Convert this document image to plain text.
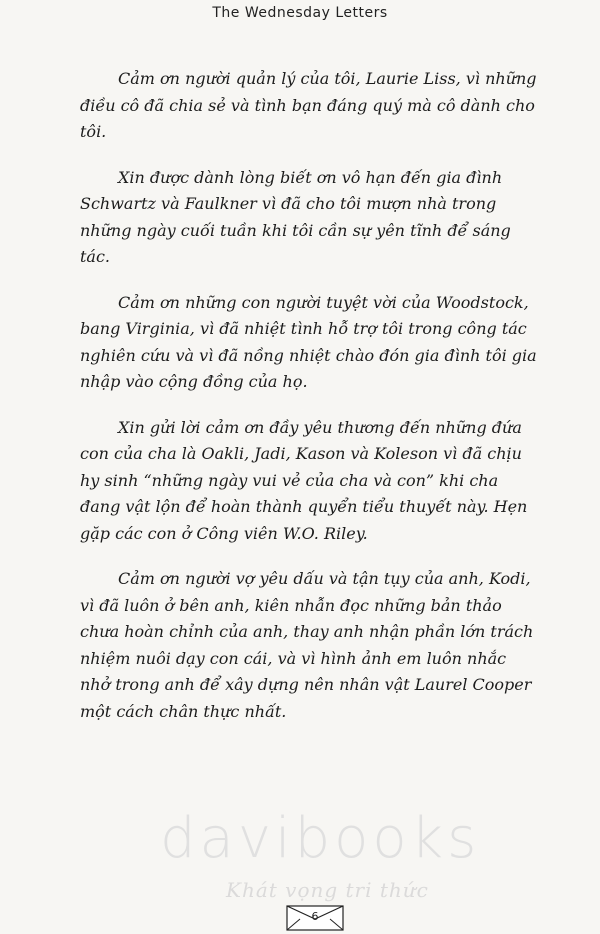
The Wednesday Letters

Cảm ơn người quản lý của tôi, Laurie Liss, vì những điều cô đã chia sẻ và tình bạn đáng quý mà cô dành cho tôi.

Xin được dành lòng biết ơn vô hạn đến gia đình Schwartz và Faulkner vì đã cho tôi mượn nhà trong những ngày cuối tuần khi tôi cần sự yên tĩnh để sáng tác.

Cảm ơn những con người tuyệt vời của Woodstock, bang Virginia, vì đã nhiệt tình hỗ trợ tôi trong công tác nghiên cứu và vì đã nồng nhiệt chào đón gia đình tôi gia nhập vào cộng đồng của họ.

Xin gửi lời cảm ơn đầy yêu thương đến những đứa con của cha là Oakli, Jadi, Kason và Koleson vì đã chịu hy sinh “những ngày vui vẻ của cha và con” khi cha đang vật lộn để hoàn thành quyển tiểu thuyết này. Hẹn gặp các con ở Công viên W.O. Riley.

Cảm ơn người vợ yêu dấu và tận tụy của anh, Kodi, vì đã luôn ở bên anh, kiên nhẫn đọc những bản thảo chưa hoàn chỉnh của anh, thay anh nhận phần lớn trách nhiệm nuôi dạy con cái, và vì hình ảnh em luôn nhắc nhở trong anh để xây dựng nên nhân vật Laurel Cooper một cách chân thực nhất.

davibooks
Khát vọng tri thức
6
